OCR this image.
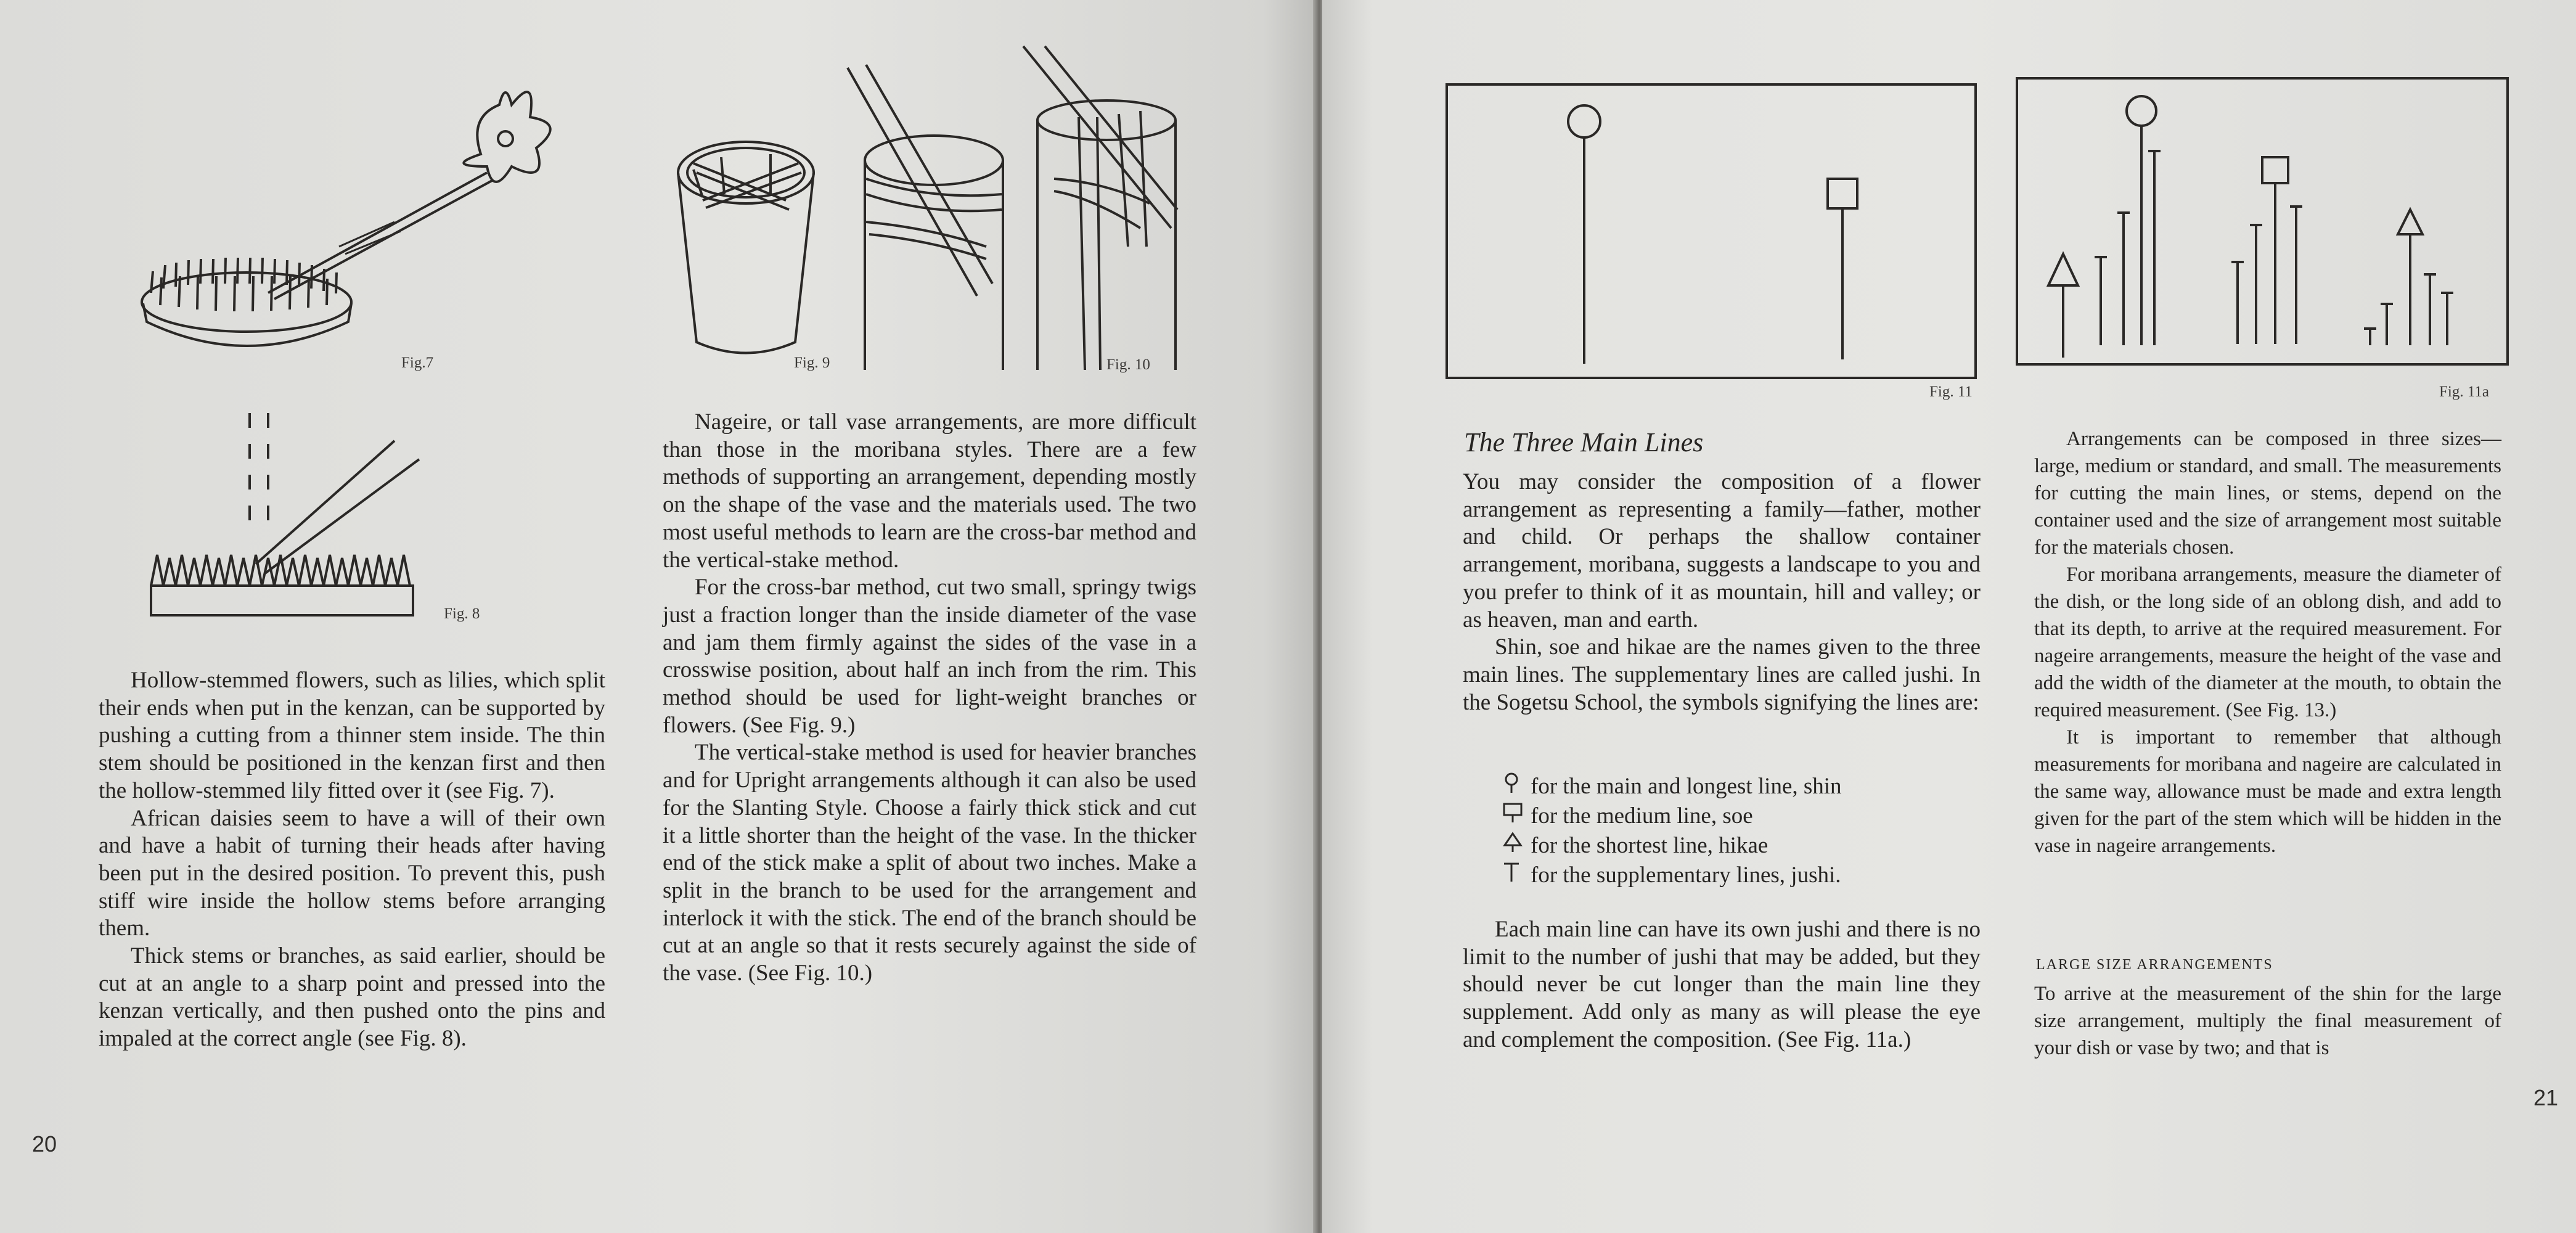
Fig.7
Fig. 8
Fig. 9	Fig. 10

Hollow-stemmed flowers, such as lilies, which split their ends when put in the kenzan, can be supported by pushing a cutting from a thinner stem inside. The thin stem should be positioned in the kenzan first and then the hollow-stemmed lily fitted over it (see Fig. 7).

African daisies seem to have a will of their own and have a habit of turning their heads after having been put in the desired position. To prevent this, push stiff wire inside the hollow stems before arranging them.

Thick stems or branches, as said earlier, should be cut at an angle to a sharp point and pressed into the kenzan vertically, and then pushed onto the pins and impaled at the correct angle (see Fig. 8).

Nageire, or tall vase arrangements, are more difficult than those in the moribana styles. There are a few methods of supporting an arrangement, depending mostly on the shape of the vase and the materials used. The two most useful methods to learn are the cross-bar method and the vertical-stake method.

For the cross-bar method, cut two small, springy twigs just a fraction longer than the inside diameter of the vase and jam them firmly against the sides of the vase in a crosswise position, about half an inch from the rim. This method should be used for light-weight branches or flowers. (See Fig. 9.)

The vertical-stake method is used for heavier branches and for Upright arrangements although it can also be used for the Slanting Style. Choose a fairly thick stick and cut it a little shorter than the height of the vase. In the thicker end of the stick make a split of about two inches. Make a split in the branch to be used for the arrangement and interlock it with the stick. The end of the branch should be cut at an angle so that it rests securely against the side of the vase. (See Fig. 10.)

20
Fig. 11	Fig. 11a
The Three Main Lines

You may consider the composition of a flower arrangement as representing a family—father, mother and child. Or perhaps the shallow container arrangement, moribana, suggests a landscape to you and you prefer to think of it as mountain, hill and valley; or as heaven, man and earth.

Shin, soe and hikae are the names given to the three main lines. The supplementary lines are called jushi. In the Sogetsu School, the symbols signifying the lines are:

for the main and longest line, shin
for the medium line, soe
for the shortest line, hikae
for the supplementary lines, jushi.

Each main line can have its own jushi and there is no limit to the number of jushi that may be added, but they should never be cut longer than the main line they supplement. Add only as many as will please the eye and complement the composition. (See Fig. 11a.)

Arrangements can be composed in three sizes—large, medium or standard, and small. The measurements for cutting the main lines, or stems, depend on the container used and the size of arrangement most suitable for the materials chosen.

For moribana arrangements, measure the diameter of the dish, or the long side of an oblong dish, and add to that its depth, to arrive at the required measurement. For nageire arrangements, measure the height of the vase and add the width of the diameter at the mouth, to obtain the required measurement. (See Fig. 13.)

It is important to remember that although measurements for moribana and nageire are calculated in the same way, allowance must be made and extra length given for the part of the stem which will be hidden in the vase in nageire arrangements.

LARGE SIZE ARRANGEMENTS

To arrive at the measurement of the shin for the large size arrangement, multiply the final measurement of your dish or vase by two; and that is

21
